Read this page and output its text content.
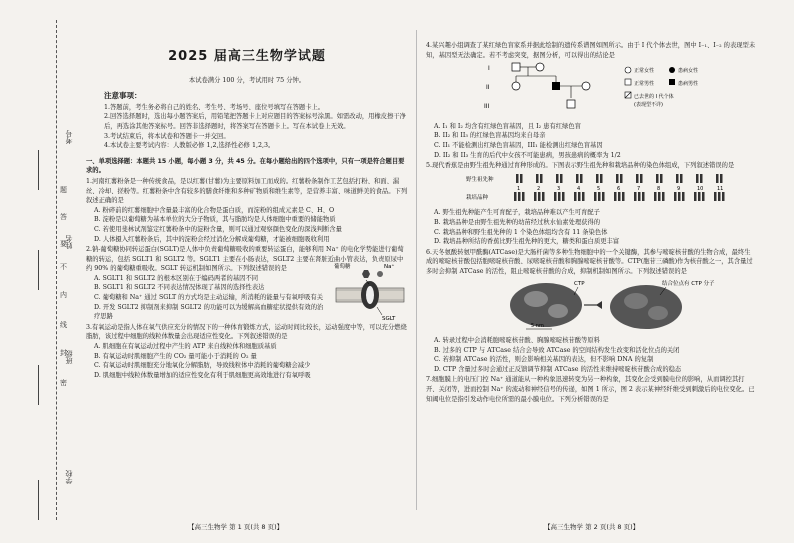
考号
姓名
班级
学校
题
答
要
不
内
线
封
密
2025 届高三生物学试题
本试卷满分 100 分，考试用时 75 分钟。
注意事项：
1.答题前，考生务必将自己的姓名、考生号、考场号、座位号填写在答题卡上。
2.回答选择题时，选出每小题答案后，用铅笔把答题卡上对应题目的答案标号涂黑。如需改动，用橡皮擦干净后，再选涂其他答案标号。回答非选择题时，将答案写在答题卡上。写在本试卷上无效。
3.考试结束后，将本试卷和答题卡一并交回。
4.本试卷主要考试内容：人教版必修 1,2,选择性必修 1,2,3。
一、单项选择题：本题共 15 小题，每小题 3 分，共 45 分。在每小题给出的四个选项中，只有一项是符合题目要求的。
1.河南红薯粉条是一种传统食品，是以红薯(甘薯)为主要原料加工而成的。红薯粉条制作工艺包括打粉、和面、漏丝、冷却、搓粉等。红薯粉条中含有较多的膳食纤维和多种矿物质和维生素等，是营养丰富、味道鲜美的食品。下列叙述正确的是
A. 粉碎前的红薯细胞中含量最丰富的化合物是蛋白质，而淀粉的组成元素是 C、H、O
B. 淀粉是以葡萄糖为基本单位的大分子物质，其与脂肪均是人体细胞中重要的储能物质
C. 若使用斐林试剂鉴定红薯粉条中的淀粉含量，则可以通过观察颜色变化的深浅判断含量
D. 人体摄入红薯粉条后，其中的淀粉会经过消化分解成葡萄糖，才能被细胞吸收利用
2.钠-葡萄糖协同转运蛋白(SGLT)是人体中负责葡萄糖吸收的重要转运蛋白，能够利用 Na⁺ 的电化学势能进行葡萄糖的转运，包括 SGLT1 和 SGLT2 等。SGLT1 主要在小肠表达，SGLT2 主要在肾脏近曲小管表达，负责原尿中约 90% 的葡萄糖重吸收。SGLT 转运机制如图所示。下列叙述错误的是
A. SGLT1 和 SGLT2 的根本区别在于编码两者的基因不同
B. SGLT1 和 SGLT2 不同表达情况体现了基因的选择性表达
C. 葡萄糖和 Na⁺ 通过 SGLT 的方式均是主动运输，所消耗的能量与有氧呼吸有关
D. 开发 SGLT2 抑制剂来抑制 SGLT2 的功能可以为缓解高血糖症状提供有效的治疗思路
葡萄糖	Na⁺
SGLT
3.有氧运动是指人体在氧气供应充分的情况下的一种体育锻炼方式，运动时间比较长，运动强度中等，可以充分燃烧脂肪，该过程中细胞的线粒体数量会出现适应性变化。下列叙述错误的是
A. 肌细胞在有氧运动过程中产生的 ATP 来自线粒体和细胞质基质
B. 有氧运动时肌细胞产生的 CO₂ 量可能小于消耗的 O₂ 量
C. 有氧运动时肌细胞充分地氧化分解脂肪，导致线粒体中消耗的葡萄糖会减少
D. 肌细胞中线粒体数量增加的适应性变化有利于肌细胞更高效地进行有氧呼吸
【高三生物学 第 1 页(共 8 页)】
4.某兴趣小组调查了某红绿色盲家系并据此绘制的遗传系谱图如图所示。由于 I 代个体去世，图中 I₋₁、I₋₂ 的表现型未知，基因型无法确定。若不考虑突变，据图分析，可以得出的结论是
I
II
III
正常女性	患病女性
正常男性	患病男性
已去世的 I 代个体
(表现型不详)
A. I₁ 和 I₂ 均含有红绿色盲基因，且 I₂ 患有红绿色盲
B. II₂ 和 II₃ 的红绿色盲基因均来自母亲
C. II₁ 不能检测出红绿色盲基因，III₁ 能检测出红绿色盲基因
D. II₂ 和 II₃ 生育的后代中女孩不可能患病，男孩患病的概率为 1/2
5.现代香蕉是由野生祖先种通过育种形成的。下图表示野生祖先种和栽培品种的染色体组成，下列叙述错误的是
野生祖先种
栽培品种
1	2	3	4	5	6	7	8	9	10	11
A. 野生祖先种能产生可育配子，栽培品种难以产生可育配子
B. 栽培品种是由野生祖先种的幼苗经过秋水仙素处理获得的
C. 栽培品种和野生祖先种的 1 个染色体组均含有 11 条染色体
D. 栽培品种所结的香蕉比野生祖先种的更大，糖类和蛋白质更丰富
6.天冬氨酸转氨甲酰酶(ATCase)是大肠杆菌等多种生物细胞中的一个关键酶，其参与嘧啶核苷酸的生物合成，最终生成的嘧啶核苷酸包括胞嘧啶核苷酸、尿嘧啶核苷酸和胸腺嘧啶核苷酸等。CTP(胞苷三磷酸)作为核苷酸之一，其含量过多时会抑制 ATCase 的活性，阻止嘧啶核苷酸的合成，抑制机制如图所示。下列叙述错误的是
CTP	结合位点有 CTP 分子
5 nm
A. 转录过程中会消耗胞嘧啶核苷酸、胸腺嘧啶核苷酸等原料
B. 过多的 CTP 与 ATCase 结合会导致 ATCase 的空间结构发生改变和活化位点的关闭
C. 若抑制 ATCase 的活性，则会影响相关基因的表达，但不影响 DNA 的复制
D. CTP 含量过多时会通过正反馈调节抑制 ATCase 的活性来维持嘧啶核苷酸合成的稳态
7.细胞膜上的电压门控 Na⁺ 通道能从一种构象迅速转变为另一种构象，其变化会受到膜电位的影响，从而调控其打开、关闭等，进而控制 Na⁺ 的流动和神经信号的传递，如图 1 所示，图 2 表示某神经纤维受到刺激后的电位变化。已知阈电位是指引发动作电位所需的最小膜电位。下列分析错误的是
【高三生物学 第 2 页(共 8 页)】
